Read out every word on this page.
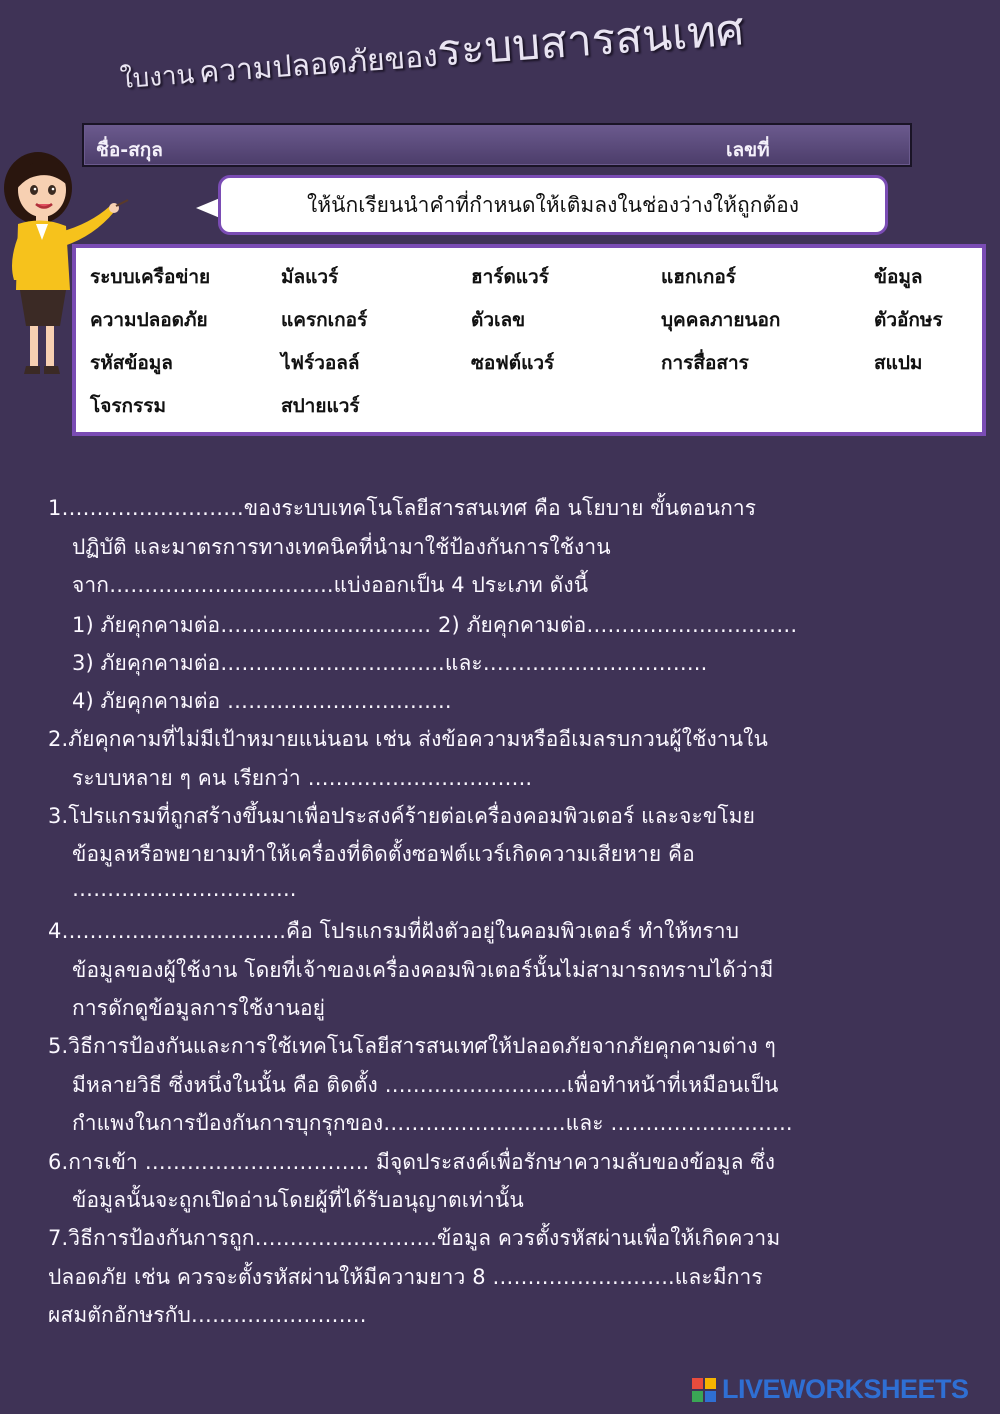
ใบงาน ความปลอดภัยของระบบสารสนเทศ
ชื่อ-สกุล	เลขที่
ให้นักเรียนนำคำที่กำหนดให้เติมลงในช่องว่างให้ถูกต้อง
ระบบเครือข่าย	มัลแวร์	ฮาร์ดแวร์	แฮกเกอร์	ข้อมูล
ความปลอดภัย	แครกเกอร์	ตัวเลข	บุคคลภายนอก	ตัวอักษร
รหัสข้อมูล	ไฟร์วอลล์	ซอฟต์แวร์	การสื่อสาร	สแปม
โจรกรรม	สปายแวร์
1……………………..ของระบบเทคโนโลยีสารสนเทศ คือ นโยบาย ขั้นตอนการ
ปฏิบัติ และมาตรการทางเทคนิคที่นำมาใช้ป้องกันการใช้งาน
จาก…………………………..แบ่งออกเป็น 4 ประเภท ดังนี้
1) ภัยคุกคามต่อ………………………… 2) ภัยคุกคามต่อ…………………………
3) ภัยคุกคามต่อ…………………………..และ…………………………..
4) ภัยคุกคามต่อ …………………………..
2.ภัยคุกคามที่ไม่มีเป้าหมายแน่นอน เช่น ส่งข้อความหรืออีเมลรบกวนผู้ใช้งานใน
ระบบหลาย ๆ คน เรียกว่า …………………………..
3.โปรแกรมที่ถูกสร้างขึ้นมาเพื่อประสงค์ร้ายต่อเครื่องคอมพิวเตอร์ และจะขโมย
ข้อมูลหรือพยายามทำให้เครื่องที่ติดตั้งซอฟต์แวร์เกิดความเสียหาย คือ
…………………………..
4…………………………..คือ โปรแกรมที่ฝังตัวอยู่ในคอมพิวเตอร์ ทำให้ทราบ
ข้อมูลของผู้ใช้งาน โดยที่เจ้าของเครื่องคอมพิวเตอร์นั้นไม่สามารถทราบได้ว่ามี
การดักดูข้อมูลการใช้งานอยู่
5.วิธีการป้องกันและการใช้เทคโนโลยีสารสนเทศให้ปลอดภัยจากภัยคุกคามต่าง ๆ
มีหลายวิธี ซึ่งหนึ่งในนั้น คือ ติดตั้ง ……………………..เพื่อทำหน้าที่เหมือนเป็น
กำแพงในการป้องกันการบุกรุกของ……………………..และ ……………………..
6.การเข้า ………………………….. มีจุดประสงค์เพื่อรักษาความลับของข้อมูล ซึ่ง
ข้อมูลนั้นจะถูกเปิดอ่านโดยผู้ที่ได้รับอนุญาตเท่านั้น
7.วิธีการป้องกันการถูก……………………..ข้อมูล ควรตั้งรหัสผ่านเพื่อให้เกิดความ
ปลอดภัย เช่น ควรจะตั้งรหัสผ่านให้มีความยาว 8 ……………………..และมีการ
ผสมตักอักษรกับ…………………….
LIVEWORKSHEETS
